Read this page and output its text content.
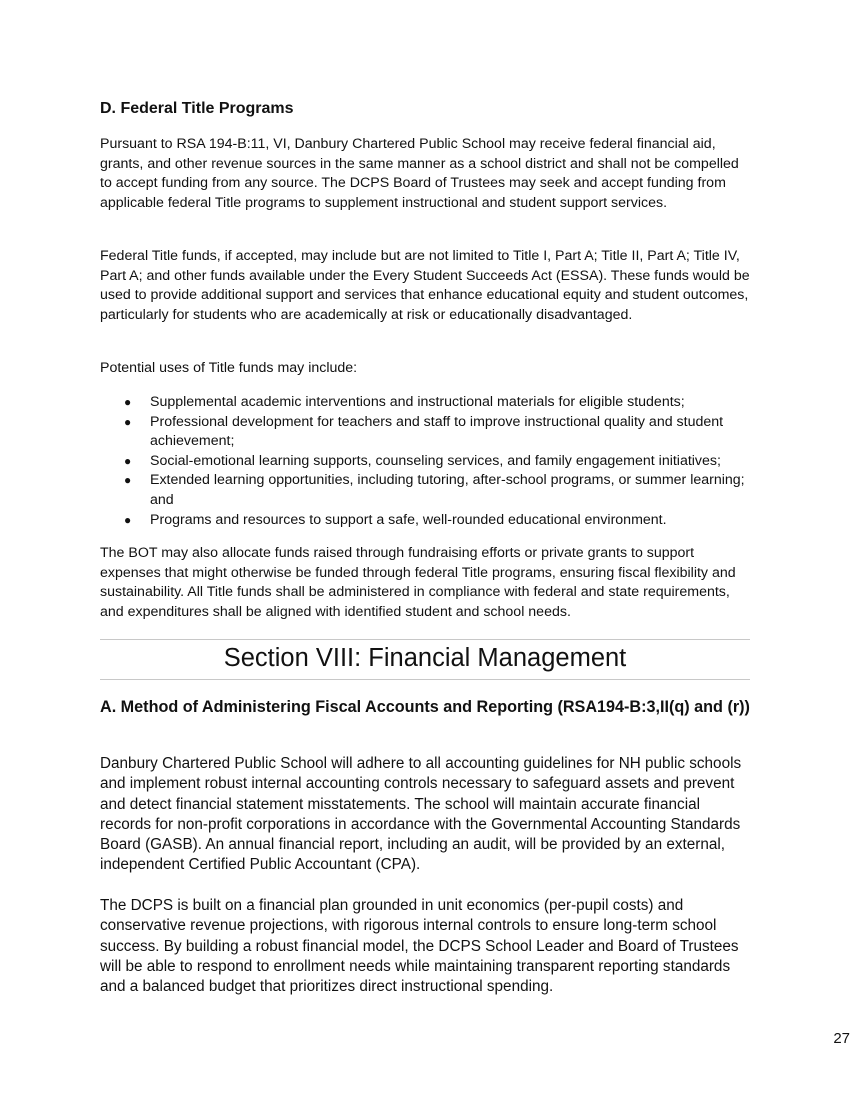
D. Federal Title Programs

Pursuant to RSA 194-B:11, VI, Danbury Chartered Public School may receive federal financial aid, grants, and other revenue sources in the same manner as a school district and shall not be compelled to accept funding from any source. The DCPS Board of Trustees may seek and accept funding from applicable federal Title programs to supplement instructional and student support services.

Federal Title funds, if accepted, may include but are not limited to Title I, Part A; Title II, Part A; Title IV, Part A; and other funds available under the Every Student Succeeds Act (ESSA). These funds would be used to provide additional support and services that enhance educational equity and student outcomes, particularly for students who are academically at risk or educationally disadvantaged.

Potential uses of Title funds may include:

● Supplemental academic interventions and instructional materials for eligible students;
● Professional development for teachers and staff to improve instructional quality and student achievement;
● Social-emotional learning supports, counseling services, and family engagement initiatives;
● Extended learning opportunities, including tutoring, after-school programs, or summer learning; and
● Programs and resources to support a safe, well-rounded educational environment.

The BOT may also allocate funds raised through fundraising efforts or private grants to support expenses that might otherwise be funded through federal Title programs, ensuring fiscal flexibility and sustainability. All Title funds shall be administered in compliance with federal and state requirements, and expenditures shall be aligned with identified student and school needs.

Section VIII: Financial Management
A. Method of Administering Fiscal Accounts and Reporting (RSA194-B:3,II(q) and (r))

Danbury Chartered Public School will adhere to all accounting guidelines for NH public schools and implement robust internal accounting controls necessary to safeguard assets and prevent and detect financial statement misstatements. The school will maintain accurate financial records for non-profit corporations in accordance with the Governmental Accounting Standards Board (GASB). An annual financial report, including an audit, will be provided by an external, independent Certified Public Accountant (CPA).

The DCPS is built on a financial plan grounded in unit economics (per-pupil costs) and conservative revenue projections, with rigorous internal controls to ensure long-term school success. By building a robust financial model, the DCPS School Leader and Board of Trustees will be able to respond to enrollment needs while maintaining transparent reporting standards and a balanced budget that prioritizes direct instructional spending.

27
